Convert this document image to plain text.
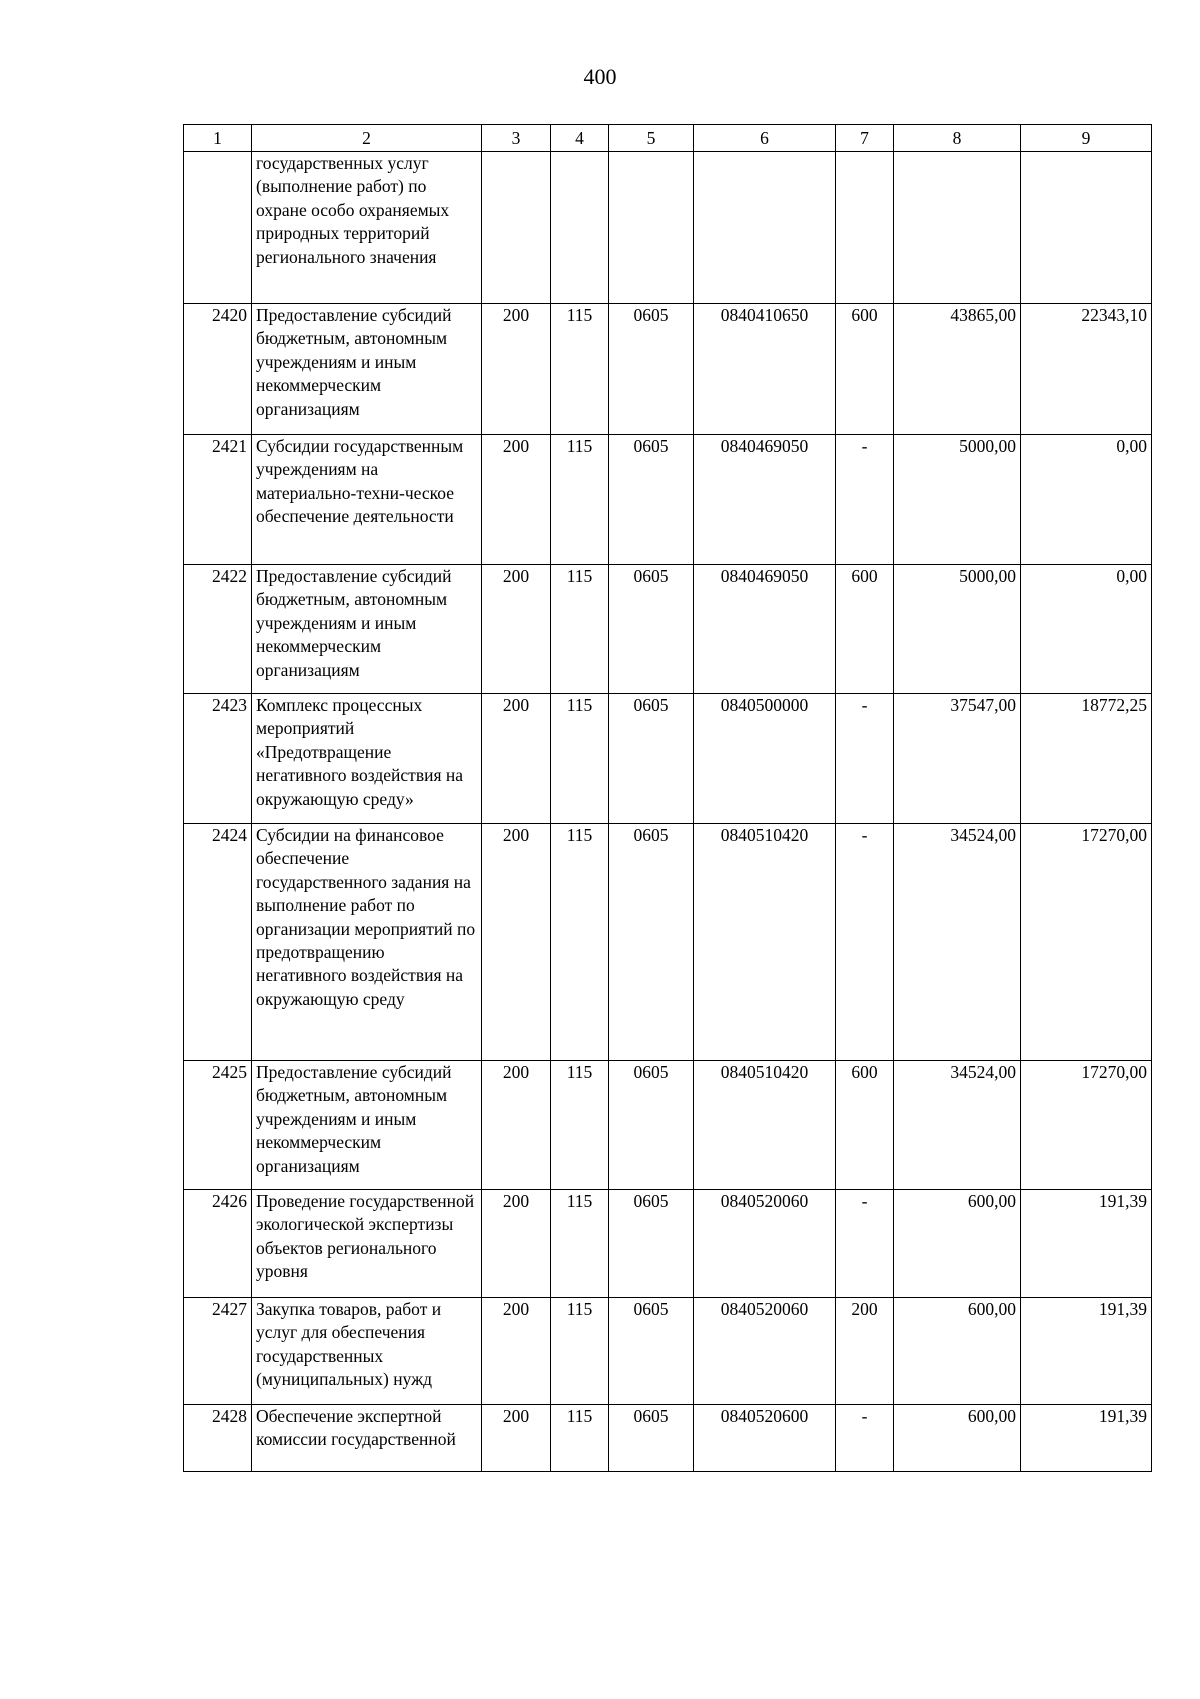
400
1	2	3	4	5	6	7	8	9
	государственных услуг (выполнение работ) по охране особо охраняемых природных территорий регионального значения							
2420	Предоставление субсидий бюджетным, автономным учреждениям и иным некоммерческим организациям	200	115	0605	0840410650	600	43865,00	22343,10
2421	Субсидии государственным учреждениям на материально-техни-ческое обеспечение деятельности	200	115	0605	0840469050	-	5000,00	0,00
2422	Предоставление субсидий бюджетным, автономным учреждениям и иным некоммерческим организациям	200	115	0605	0840469050	600	5000,00	0,00
2423	Комплекс процессных мероприятий «Предотвращение негативного воздействия на окружающую среду»	200	115	0605	0840500000	-	37547,00	18772,25
2424	Субсидии на финансовое обеспечение государственного задания на выполнение работ по организации мероприятий по предотвращению негативного воздействия на окружающую среду	200	115	0605	0840510420	-	34524,00	17270,00
2425	Предоставление субсидий бюджетным, автономным учреждениям и иным некоммерческим организациям	200	115	0605	0840510420	600	34524,00	17270,00
2426	Проведение государственной экологической экспертизы объектов регионального уровня	200	115	0605	0840520060	-	600,00	191,39
2427	Закупка товаров, работ и услуг для обеспечения государственных (муниципальных) нужд	200	115	0605	0840520060	200	600,00	191,39
2428	Обеспечение экспертной комиссии государственной	200	115	0605	0840520600	-	600,00	191,39
